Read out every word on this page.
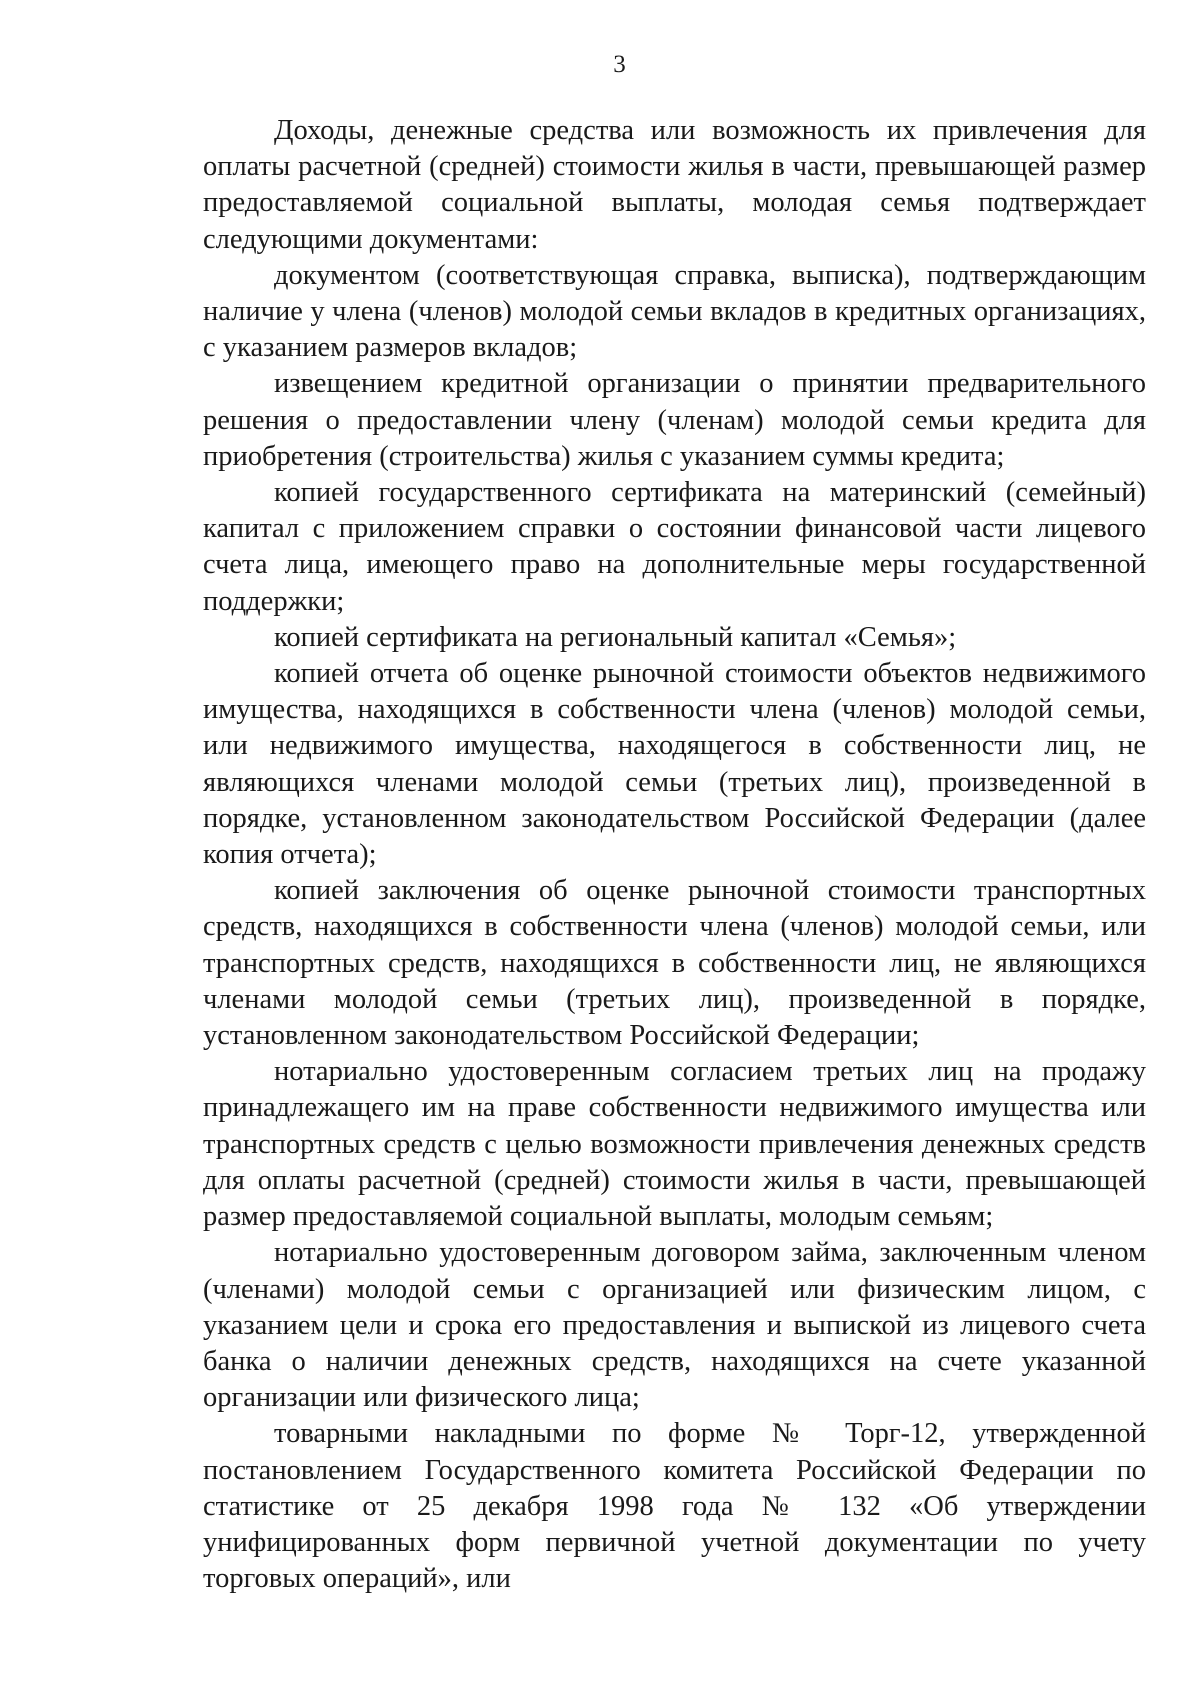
3

Доходы, денежные средства или возможность их привлечения для оплаты расчетной (средней) стоимости жилья в части, превышающей размер предоставляемой социальной выплаты, молодая семья подтверждает следующими документами:

документом (соответствующая справка, выписка), подтверждающим наличие у члена (членов) молодой семьи вкладов в кредитных организациях, с указанием размеров вкладов;

извещением кредитной организации о принятии предварительного решения о предоставлении члену (членам) молодой семьи кредита для приобретения (строительства) жилья с указанием суммы кредита;

копией государственного сертификата на материнский (семейный) капитал с приложением справки о состоянии финансовой части лицевого счета лица, имеющего право на дополнительные меры государственной поддержки;

копией сертификата на региональный капитал «Семья»;

копией отчета об оценке рыночной стоимости объектов недвижимого имущества, находящихся в собственности члена (членов) молодой семьи, или недвижимого имущества, находящегося в собственности лиц, не являющихся членами молодой семьи (третьих лиц), произведенной в порядке, установленном законодательством Российской Федерации (далее копия отчета);

копией заключения об оценке рыночной стоимости транспортных средств, находящихся в собственности члена (членов) молодой семьи, или транспортных средств, находящихся в собственности лиц, не являющихся членами молодой семьи (третьих лиц), произведенной в порядке, установленном законодательством Российской Федерации;

нотариально удостоверенным согласием третьих лиц на продажу принадлежащего им на праве собственности недвижимого имущества или транспортных средств с целью возможности привлечения денежных средств для оплаты расчетной (средней) стоимости жилья в части, превышающей размер предоставляемой социальной выплаты, молодым семьям;

нотариально удостоверенным договором займа, заключенным членом (членами) молодой семьи с организацией или физическим лицом, с указанием цели и срока его предоставления и выпиской из лицевого счета банка о наличии денежных средств, находящихся на счете указанной организации или физического лица;

товарными накладными по форме № Торг-12, утвержденной постановлением Государственного комитета Российской Федерации по статистике от 25 декабря 1998 года № 132 «Об утверждении унифицированных форм первичной учетной документации по учету торговых операций», или
